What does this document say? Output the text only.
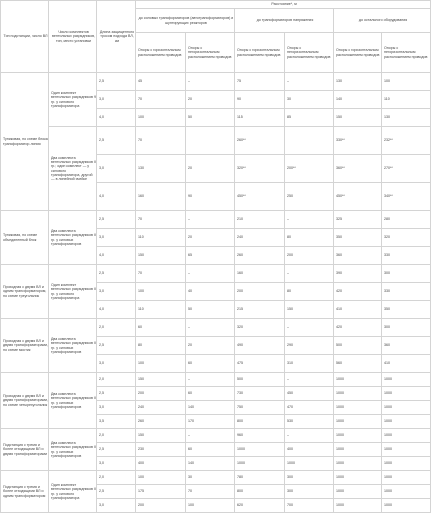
Тип подстанции, число ВЛ	Число комплектов вентильных разрядников, тип, место установки	Длина защищенного тросом подхода ВЛ, км	Расстояние*, м					
			до силовых трансформаторов (автотрансформаторов) и шунтирующих реакторов		до трансформаторов напряжения		до остального оборудования	
			Опоры с горизонтальным расположением проводов	Опоры с негоризонтальным расположением проводов	Опоры с горизонтальным расположением проводов	Опоры с негоризонтальным расположением проводов	Опоры с горизонтальным расположением проводов	Опоры с негоризонтальным расположением проводов
Тупиковая, по схеме блока трансформатор-линия	Один комплект вентильных разрядников 9 гр. у силового трансформатора	2,5	45	–	75	–	130	100
		3,0	70	20	90	30	140	110
		4,0	100	50	115	85	150	130
	Два комплекта вентильных разрядников II гр.; один комплект — у силового трансформатора, другой — в линейной ячейке	2,5	70		260**		330**	232**
		3,0	130	20	320**	200**	360**	270**
		4,0	160	90	450**	250	450**	340**
Тупиковая, по схеме объединенный блок	Два комплекта вентильных разрядников II гр. у силовых трансформаторов	2,5	70	–	210	–	325	280
		3,0	110	20	240	80	350	320
		4,0	150	65	260	200	360	330
Проходная с двумя ВЛ и одним трансформатором, по схеме треугольник	Один комплект вентильных разрядников II гр. у силового трансформатора	2,5	70	–	160	–	390	300
		3,0	100	40	200	80	420	330
		4,0	110	50	215	150	410	350
Проходная с двумя ВЛ и двумя трансформаторами, по схеме мостик	Два комплекта вентильных разрядников II гр. у силовых трансформаторов	2,0	60	–	320	–	420	300
		2,5	80	20	490	290	500	360
		3,0	100	60	475	310	560	410
Проходная с двумя ВЛ и двумя трансформаторами, по схеме четырехугольник	Два комплекта вентильных разрядников II гр. у силовых трансформаторов	2,0	150	–	500	–	1000	1000
		2,5	200	60	730	450	1000	1000
		3,0	240	140	750	470	1000	1000
		3,5	260	170	800	530	1000	1000
Подстанция с тремя и более отходящими ВЛ и двумя трансформаторами	Два комплекта вентильных разрядников II гр. у силовых трансформаторов	2,0	150	–	960	–	1000	1000
		2,5	230	60	1000	400	1000	1000
		3,0	400	140	1000	1000	1000	1000
Подстанция с тремя и более отходящими ВЛ и одним трансформатором	Один комплект вентильных разрядников II гр. у силового трансформатора	2,0	100	30	780	300	1000	1000
		2,5	175	70	800	300	1000	1000
		3,0	200	100	620	700	1000	1000
